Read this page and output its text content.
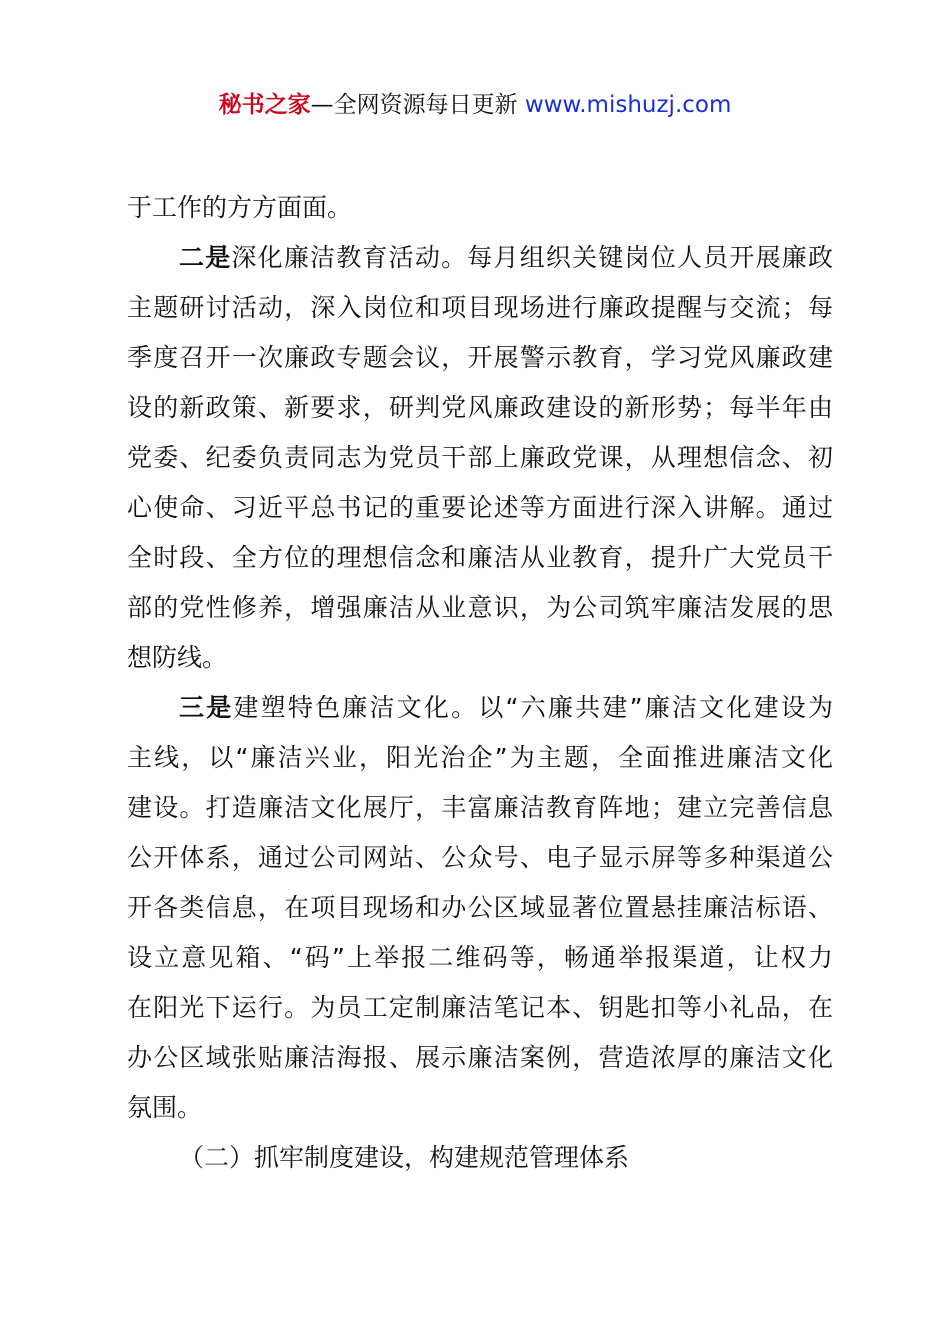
秘书之家—全网资源每日更新 www.mishuzj.com
于工作的方方面面。
二是深化廉洁教育活动。每月组织关键岗位人员开展廉政
主题研讨活动，深入岗位和项目现场进行廉政提醒与交流；每
季度召开一次廉政专题会议，开展警示教育，学习党风廉政建
设的新政策、新要求，研判党风廉政建设的新形势；每半年由
党委、纪委负责同志为党员干部上廉政党课，从理想信念、初
心使命、习近平总书记的重要论述等方面进行深入讲解。通过
全时段、全方位的理想信念和廉洁从业教育，提升广大党员干
部的党性修养，增强廉洁从业意识，为公司筑牢廉洁发展的思
想防线。
三是建塑特色廉洁文化。以“六廉共建”廉洁文化建设为
主线，以“廉洁兴业，阳光治企”为主题，全面推进廉洁文化
建设。打造廉洁文化展厅，丰富廉洁教育阵地；建立完善信息
公开体系，通过公司网站、公众号、电子显示屏等多种渠道公
开各类信息，在项目现场和办公区域显著位置悬挂廉洁标语、
设立意见箱、“码”上举报二维码等，畅通举报渠道，让权力
在阳光下运行。为员工定制廉洁笔记本、钥匙扣等小礼品，在
办公区域张贴廉洁海报、展示廉洁案例，营造浓厚的廉洁文化
氛围。
（二）抓牢制度建设，构建规范管理体系
